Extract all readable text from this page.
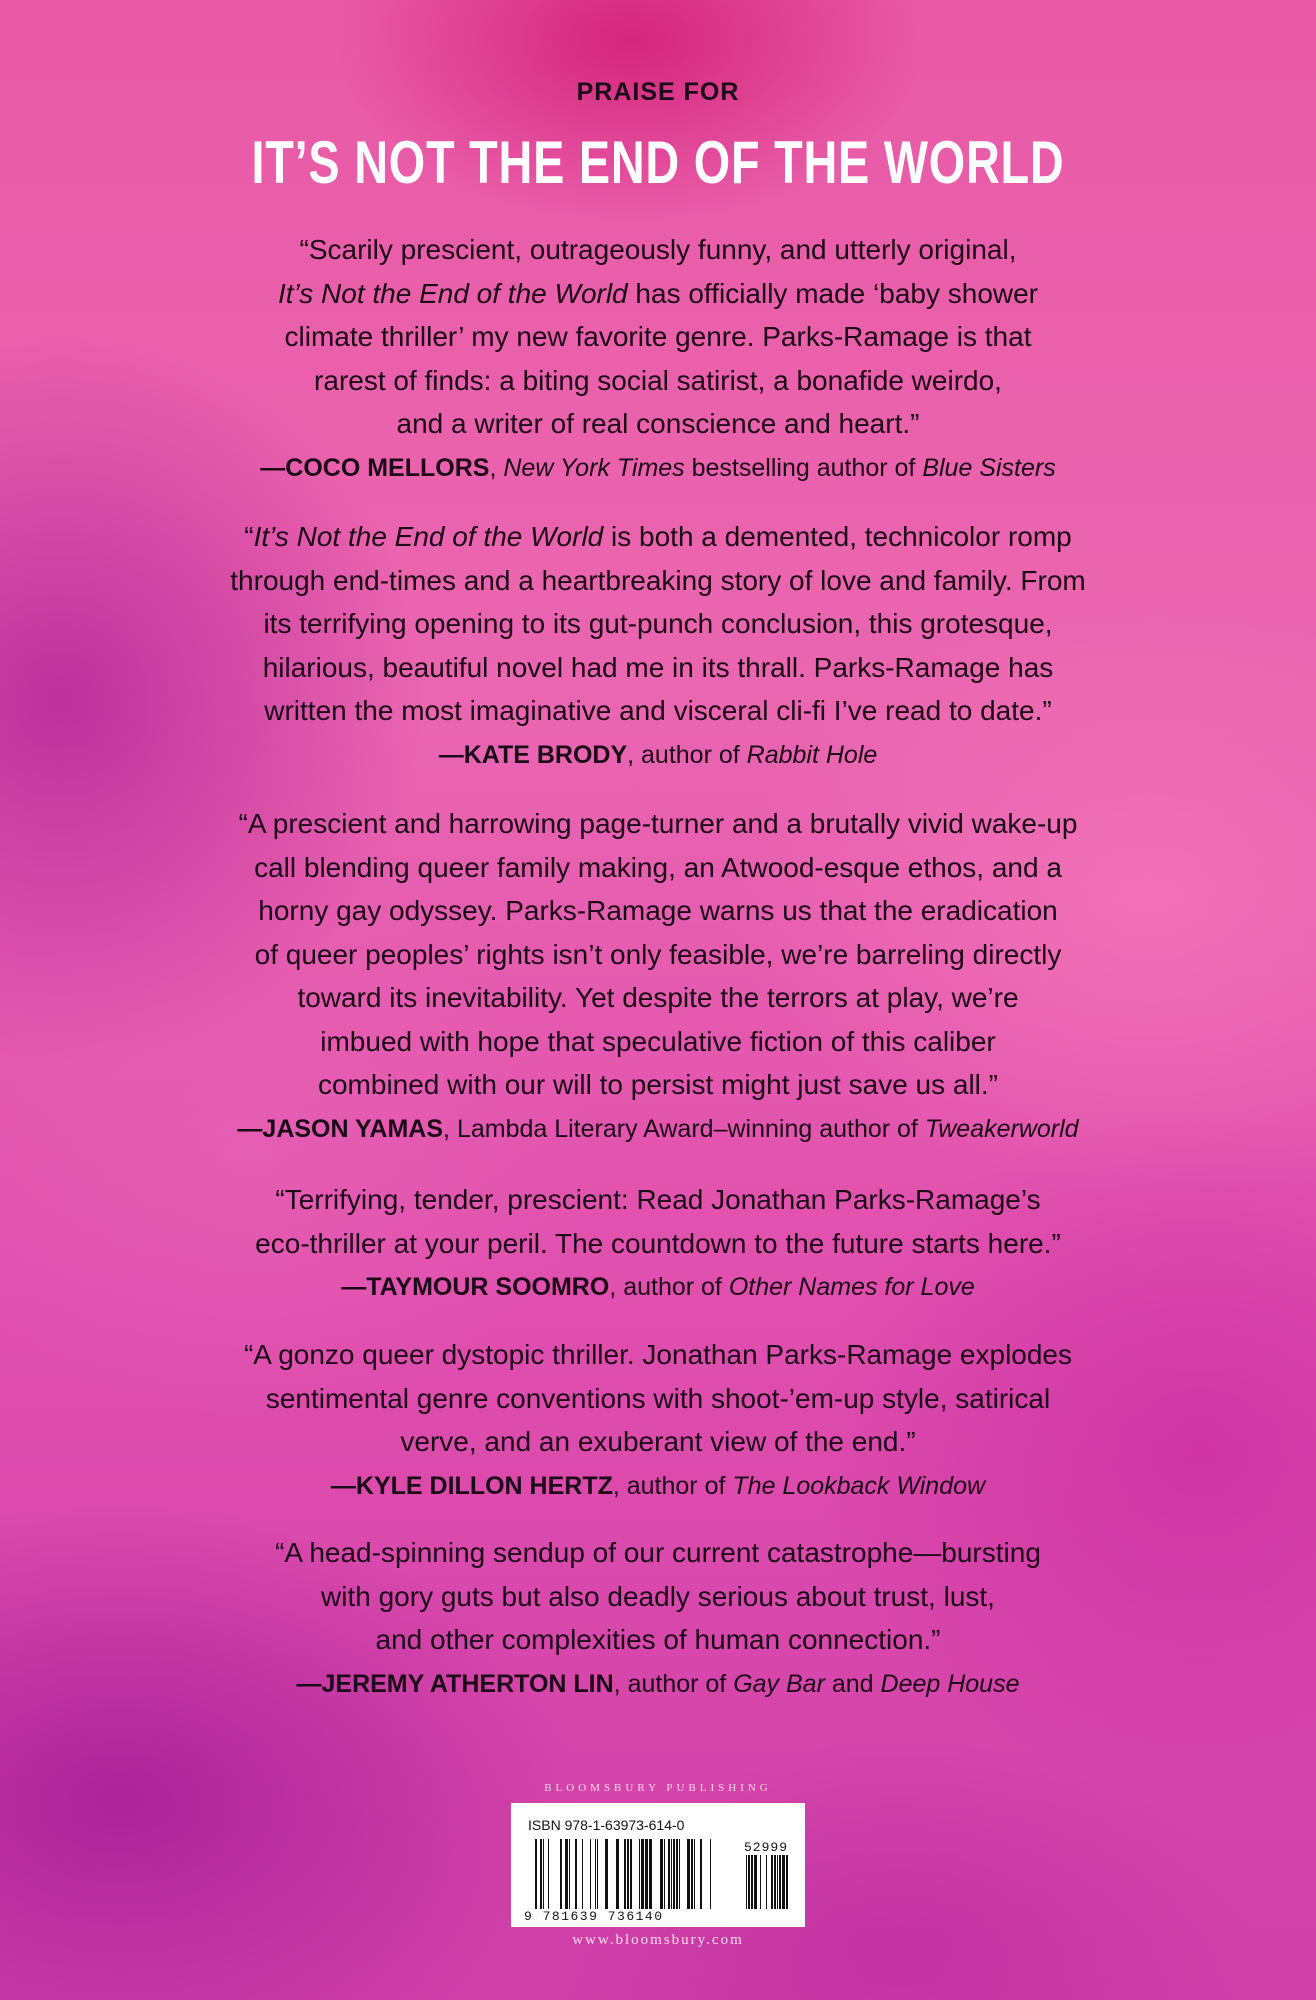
PRAISE FOR
IT’S NOT THE END OF THE WORLD

“Scarily prescient, outrageously funny, and utterly original,
It’s Not the End of the World has officially made ‘baby shower
climate thriller’ my new favorite genre. Parks-Ramage is that
rarest of finds: a biting social satirist, a bonafide weirdo,
and a writer of real conscience and heart.”

—COCO MELLORS, New York Times bestselling author of Blue Sisters

“It’s Not the End of the World is both a demented, technicolor romp
through end-times and a heartbreaking story of love and family. From
its terrifying opening to its gut-punch conclusion, this grotesque,
hilarious, beautiful novel had me in its thrall. Parks-Ramage has
written the most imaginative and visceral cli-fi I’ve read to date.”

—KATE BRODY, author of Rabbit Hole

“A prescient and harrowing page-turner and a brutally vivid wake-up
call blending queer family making, an Atwood-esque ethos, and a
horny gay odyssey. Parks-Ramage warns us that the eradication
of queer peoples’ rights isn’t only feasible, we’re barreling directly
toward its inevitability. Yet despite the terrors at play, we’re
imbued with hope that speculative fiction of this caliber
combined with our will to persist might just save us all.”

—JASON YAMAS, Lambda Literary Award–winning author of Tweakerworld

“Terrifying, tender, prescient: Read Jonathan Parks-Ramage’s
eco-thriller at your peril. The countdown to the future starts here.”

—TAYMOUR SOOMRO, author of Other Names for Love

“A gonzo queer dystopic thriller. Jonathan Parks-Ramage explodes
sentimental genre conventions with shoot-’em-up style, satirical
verve, and an exuberant view of the end.”

—KYLE DILLON HERTZ, author of The Lookback Window

“A head-spinning sendup of our current catastrophe—bursting
with gory guts but also deadly serious about trust, lust,
and other complexities of human connection.”

—JEREMY ATHERTON LIN, author of Gay Bar and Deep House

BLOOMSBURY PUBLISHING
ISBN 978-1-63973-614-0
52999
9 781639 736140
www.bloomsbury.com
